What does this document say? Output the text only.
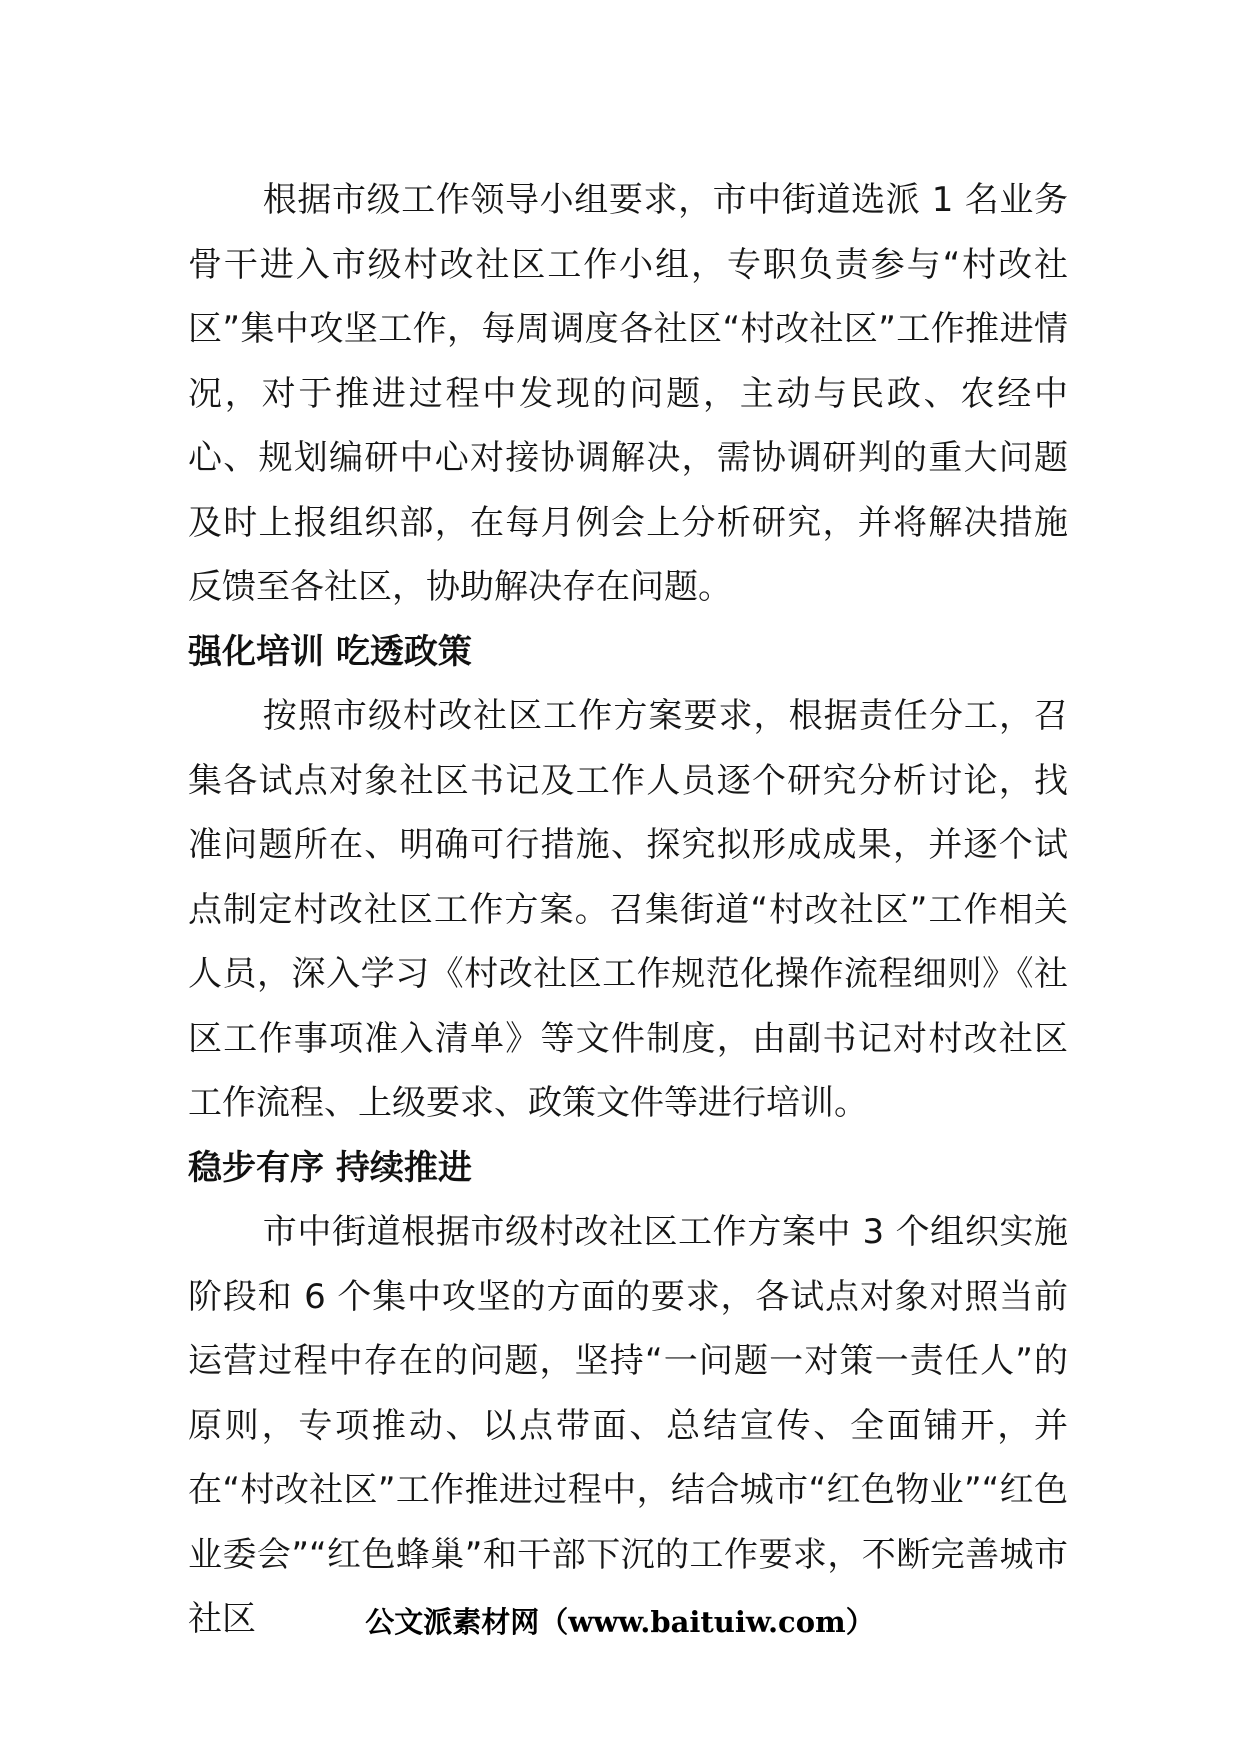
根据市级工作领导小组要求，市中街道选派 1 名业务骨干进入市级村改社区工作小组，专职负责参与“村改社区”集中攻坚工作，每周调度各社区“村改社区”工作推进情况，对于推进过程中发现的问题，主动与民政、农经中心、规划编研中心对接协调解决，需协调研判的重大问题及时上报组织部，在每月例会上分析研究，并将解决措施反馈至各社区，协助解决存在问题。

强化培训 吃透政策

按照市级村改社区工作方案要求，根据责任分工，召集各试点对象社区书记及工作人员逐个研究分析讨论，找准问题所在、明确可行措施、探究拟形成成果，并逐个试点制定村改社区工作方案。召集街道“村改社区”工作相关人员，深入学习《村改社区工作规范化操作流程细则》《社区工作事项准入清单》等文件制度，由副书记对村改社区工作流程、上级要求、政策文件等进行培训。

稳步有序 持续推进

市中街道根据市级村改社区工作方案中 3 个组织实施阶段和 6 个集中攻坚的方面的要求，各试点对象对照当前运营过程中存在的问题，坚持“一问题一对策一责任人”的原则，专项推动、以点带面、总结宣传、全面铺开，并在“村改社区”工作推进过程中，结合城市“红色物业”“红色业委会”“红色蜂巢”和干部下沉的工作要求，不断完善城市社区	公文派素材网（www.baituiw.com）
